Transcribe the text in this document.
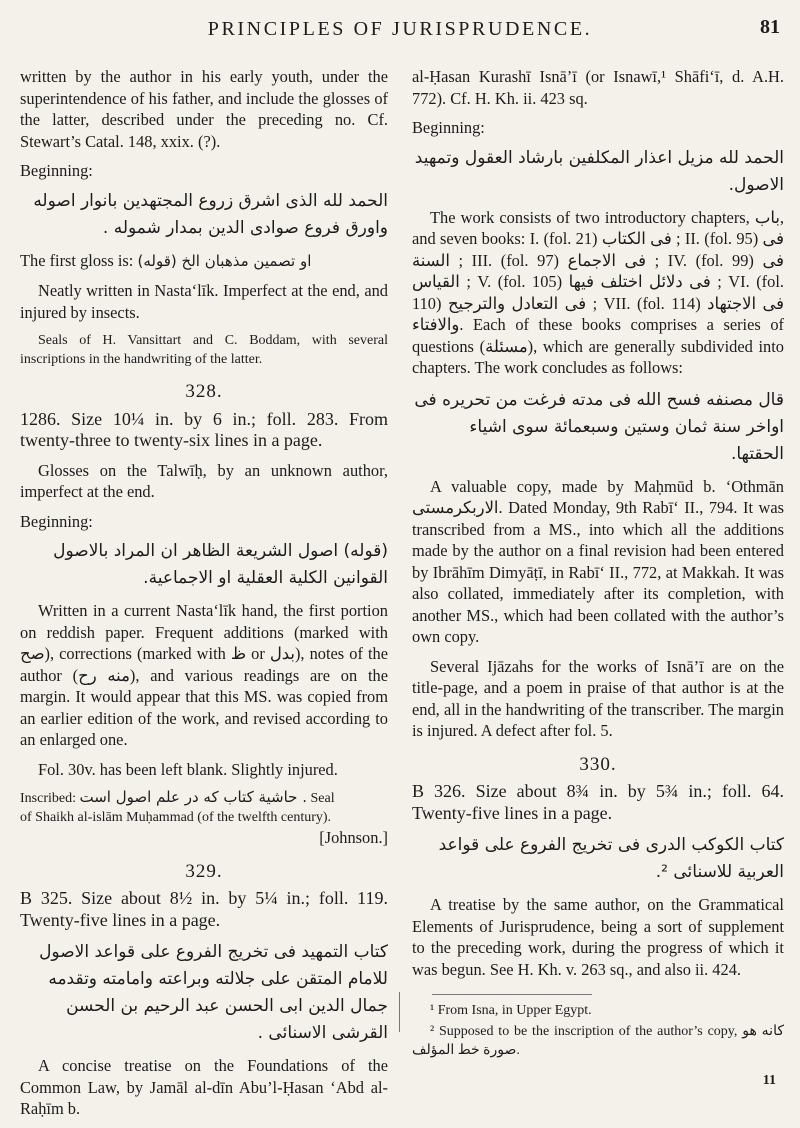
PRINCIPLES OF JURISPRUDENCE.	81

written by the author in his early youth, under the superintendence of his father, and include the glosses of the latter, described under the preceding no. Cf. Stewart’s Catal. 148, xxix. (?).

Beginning:

الحمد لله الذى اشرق زروع المجتهدين بانوار اصوله واورق فروع صوادى الدين بمدار شموله .

The first gloss is: (قوله) او تصمين مذهبان الخ

Neatly written in Nasta‘līk. Imperfect at the end, and injured by insects.

Seals of H. Vansittart and C. Boddam, with several inscriptions in the handwriting of the latter.

328.

1286. Size 10¼ in. by 6 in.; foll. 283. From twenty-three to twenty-six lines in a page.

Glosses on the Talwīḥ, by an unknown author, imperfect at the end.

Beginning:

(قوله) اصول الشريعة الظاهر ان المراد بالاصول القوانين الكلية العقلية او الاجماعية.

Written in a current Nasta‘līk hand, the first portion on reddish paper. Frequent additions (marked with صح), corrections (marked with ظ or بدل), notes of the author (منه رح), and various readings are on the margin. It would appear that this MS. was copied from an earlier edition of the work, and revised according to an enlarged one.

Fol. 30v. has been left blank. Slightly injured.

Inscribed: حاشية كتاب كه در علم اصول است . Seal

of Shaikh al-islām Muḥammad (of the twelfth century).

[Johnson.]

329.

B 325. Size about 8½ in. by 5¼ in.; foll. 119. Twenty-five lines in a page.

كتاب التمهيد فى تخريج الفروع على قواعد الاصول للامام المتقن على جلالته وبراعته وامامته وتقدمه جمال الدين ابى الحسن عبد الرحيم بن الحسن القرشى الاسنائى .

A concise treatise on the Foundations of the Common Law, by Jamāl al-dīn Abu’l-Ḥasan ‘Abd al-Raḥīm b.

al-Ḥasan Kurashī Isnā’ī (or Isnawī,¹ Shāfi‘ī, d. A.H. 772). Cf. H. Kh. ii. 423 sq.

Beginning:

الحمد لله مزيل اعذار المكلفين بارشاد العقول وتمهيد الاصول.

The work consists of two introductory chapters, باب, and seven books: I. (fol. 21) فى الكتاب ; II. (fol. 95) فى السنة ; III. (fol. 97) فى الاجماع ; IV. (fol. 99) فى القياس ; V. (fol. 105) فى دلائل اختلف فيها ; VI. (fol. 110) فى التعادل والترجيح ; VII. (fol. 114) فى الاجتهاد والافتاء. Each of these books comprises a series of questions (مسئلة), which are generally subdivided into chapters. The work concludes as follows:

قال مصنفه فسح الله فى مدته فرغت من تحريره فى اواخر سنة ثمان وستين وسبعمائة سوى اشياء الحقتها.

A valuable copy, made by Maḥmūd b. ‘Othmān الاربكرمستى. Dated Monday, 9th Rabī‘ II., 794. It was transcribed from a MS., into which all the additions made by the author on a final revision had been entered by Ibrāhīm Dimyāṭī, in Rabī‘ II., 772, at Makkah. It was also collated, immediately after its completion, with another MS., which had been collated with the author’s own copy.

Several Ijāzahs for the works of Isnā’ī are on the title-page, and a poem in praise of that author is at the end, all in the handwriting of the transcriber. The margin is injured. A defect after fol. 5.

330.

B 326. Size about 8¾ in. by 5¾ in.; foll. 64. Twenty-five lines in a page.

كتاب الكوكب الدرى فى تخريج الفروع على قواعد العربية للاسنائى ².

A treatise by the same author, on the Grammatical Elements of Jurisprudence, being a sort of supplement to the preceding work, during the progress of which it was begun. See H. Kh. v. 263 sq., and also ii. 424.

¹ From Isna, in Upper Egypt.

² Supposed to be the inscription of the author’s copy, كانه هو صورة خط المؤلف.

11
